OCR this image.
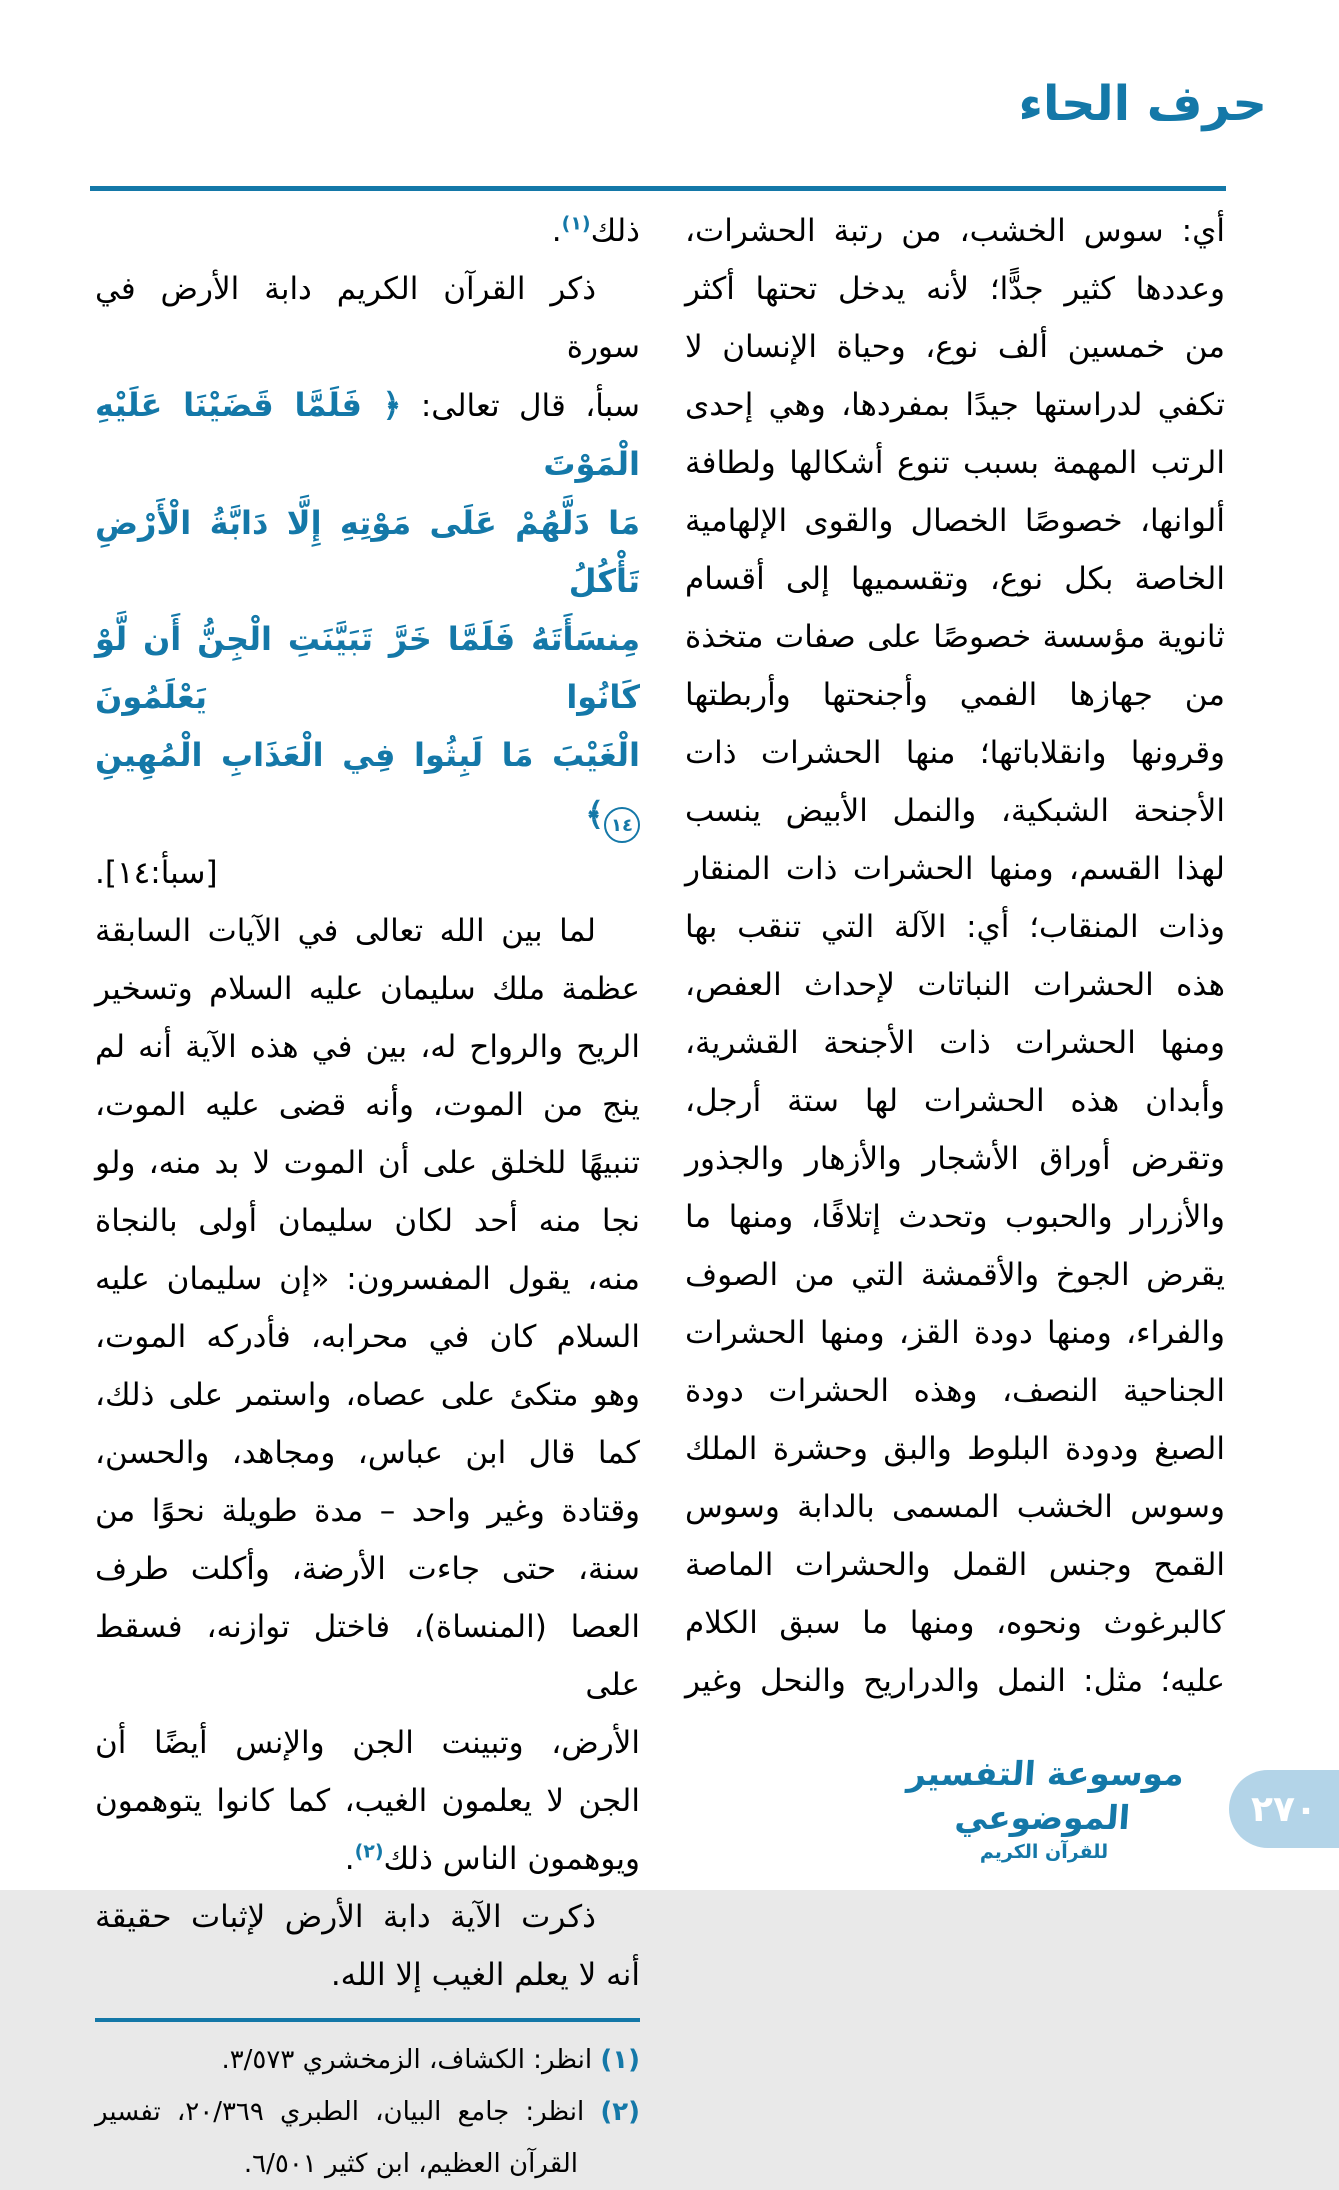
حرف الحاء
أي: سوس الخشب، من رتبة الحشرات،
وعددها كثير جدًّا؛ لأنه يدخل تحتها أكثر
من خمسين ألف نوع، وحياة الإنسان لا
تكفي لدراستها جيدًا بمفردها، وهي إحدى
الرتب المهمة بسبب تنوع أشكالها ولطافة
ألوانها، خصوصًا الخصال والقوى الإلهامية
الخاصة بكل نوع، وتقسميها إلى أقسام
ثانوية مؤسسة خصوصًا على صفات متخذة
من جهازها الفمي وأجنحتها وأربطتها
وقرونها وانقلاباتها؛ منها الحشرات ذات
الأجنحة الشبكية، والنمل الأبيض ينسب
لهذا القسم، ومنها الحشرات ذات المنقار
وذات المنقاب؛ أي: الآلة التي تنقب بها
هذه الحشرات النباتات لإحداث العفص،
ومنها الحشرات ذات الأجنحة القشرية،
وأبدان هذه الحشرات لها ستة أرجل،
وتقرض أوراق الأشجار والأزهار والجذور
والأزرار والحبوب وتحدث إتلافًا، ومنها ما
يقرض الجوخ والأقمشة التي من الصوف
والفراء، ومنها دودة القز، ومنها الحشرات
الجناحية النصف، وهذه الحشرات دودة
الصبغ ودودة البلوط والبق وحشرة الملك
وسوس الخشب المسمى بالدابة وسوس
القمح وجنس القمل والحشرات الماصة
كالبرغوث ونحوه، ومنها ما سبق الكلام
عليه؛ مثل: النمل والدراريح والنحل وغير
ذلك$^{(١)}$.
ذكر القرآن الكريم دابة الأرض في سورة
سبأ، قال تعالى: ﴿ فَلَمَّا قَضَيْنَا عَلَيْهِ الْمَوْتَ
مَا دَلَّهُمْ عَلَى مَوْتِهِ إِلَّا دَابَّةُ الْأَرْضِ تَأْكُلُ
مِنسَأَتَهُ فَلَمَّا خَرَّ تَبَيَّنَتِ الْجِنُّ أَن لَّوْ كَانُوا يَعْلَمُونَ
الْغَيْبَ مَا لَبِثُوا فِي الْعَذَابِ الْمُهِينِ ١٤﴾
[سبأ:١٤].
لما بين الله تعالى في الآيات السابقة
عظمة ملك سليمان عليه السلام وتسخير
الريح والرواح له، بين في هذه الآية أنه لم
ينج من الموت، وأنه قضى عليه الموت،
تنبيهًا للخلق على أن الموت لا بد منه، ولو
نجا منه أحد لكان سليمان أولى بالنجاة
منه، يقول المفسرون: «إن سليمان عليه
السلام كان في محرابه، فأدركه الموت،
وهو متكئ على عصاه، واستمر على ذلك،
كما قال ابن عباس، ومجاهد، والحسن،
وقتادة وغير واحد – مدة طويلة نحوًا من
سنة، حتى جاءت الأرضة، وأكلت طرف
العصا (المنساة)، فاختل توازنه، فسقط على
الأرض، وتبينت الجن والإنس أيضًا أن
الجن لا يعلمون الغيب، كما كانوا يتوهمون
ويوهمون الناس ذلك$^{(٢)}$.
ذكرت الآية دابة الأرض لإثبات حقيقة
أنه لا يعلم الغيب إلا الله.
(١) انظر: الكشاف، الزمخشري ٣/٥٧٣.
(٢) انظر: جامع البيان، الطبري ٢٠/٣٦٩، تفسير
القرآن العظيم، ابن كثير ٦/٥٠١.
موسوعة التفسير الموضوعي
للقرآن الكريم
٢٧٠
